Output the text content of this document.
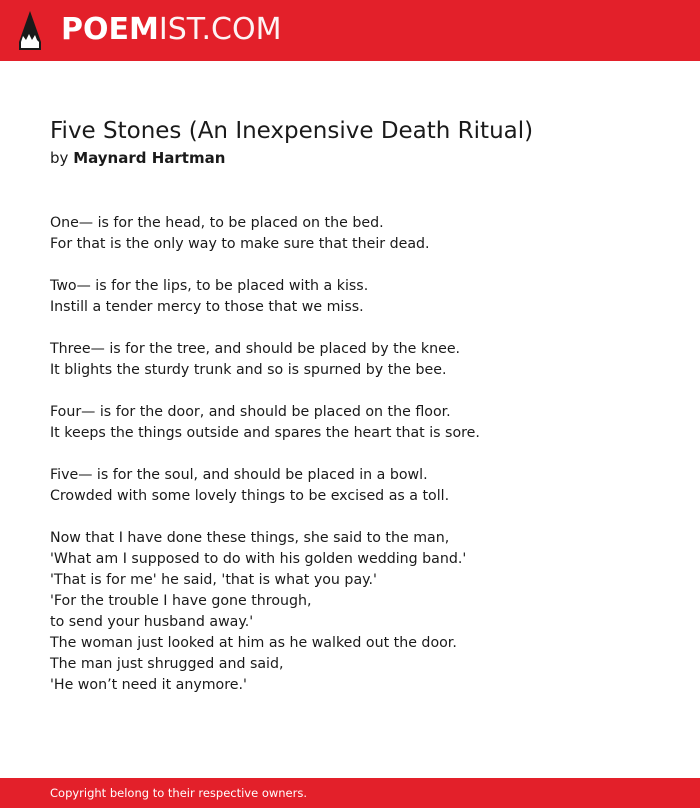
POEMIST.COM
Five Stones (An Inexpensive Death Ritual)
by Maynard Hartman
One— is for the head, to be placed on the bed.
For that is the only way to make sure that their dead.
Two— is for the lips, to be placed with a kiss.
Instill a tender mercy to those that we miss.
Three— is for the tree, and should be placed by the knee.
It blights the sturdy trunk and so is spurned by the bee.
Four— is for the door, and should be placed on the floor.
It keeps the things outside and spares the heart that is sore.
Five— is for the soul, and should be placed in a bowl.
Crowded with some lovely things to be excised as a toll.
Now that I have done these things, she said to the man,
'What am I supposed to do with his golden wedding band.'
'That is for me' he said, 'that is what you pay.'
'For the trouble I have gone through,
to send your husband away.'
The woman just looked at him as he walked out the door.
The man just shrugged and said,
'He won’t need it anymore.'
Copyright belong to their respective owners.
